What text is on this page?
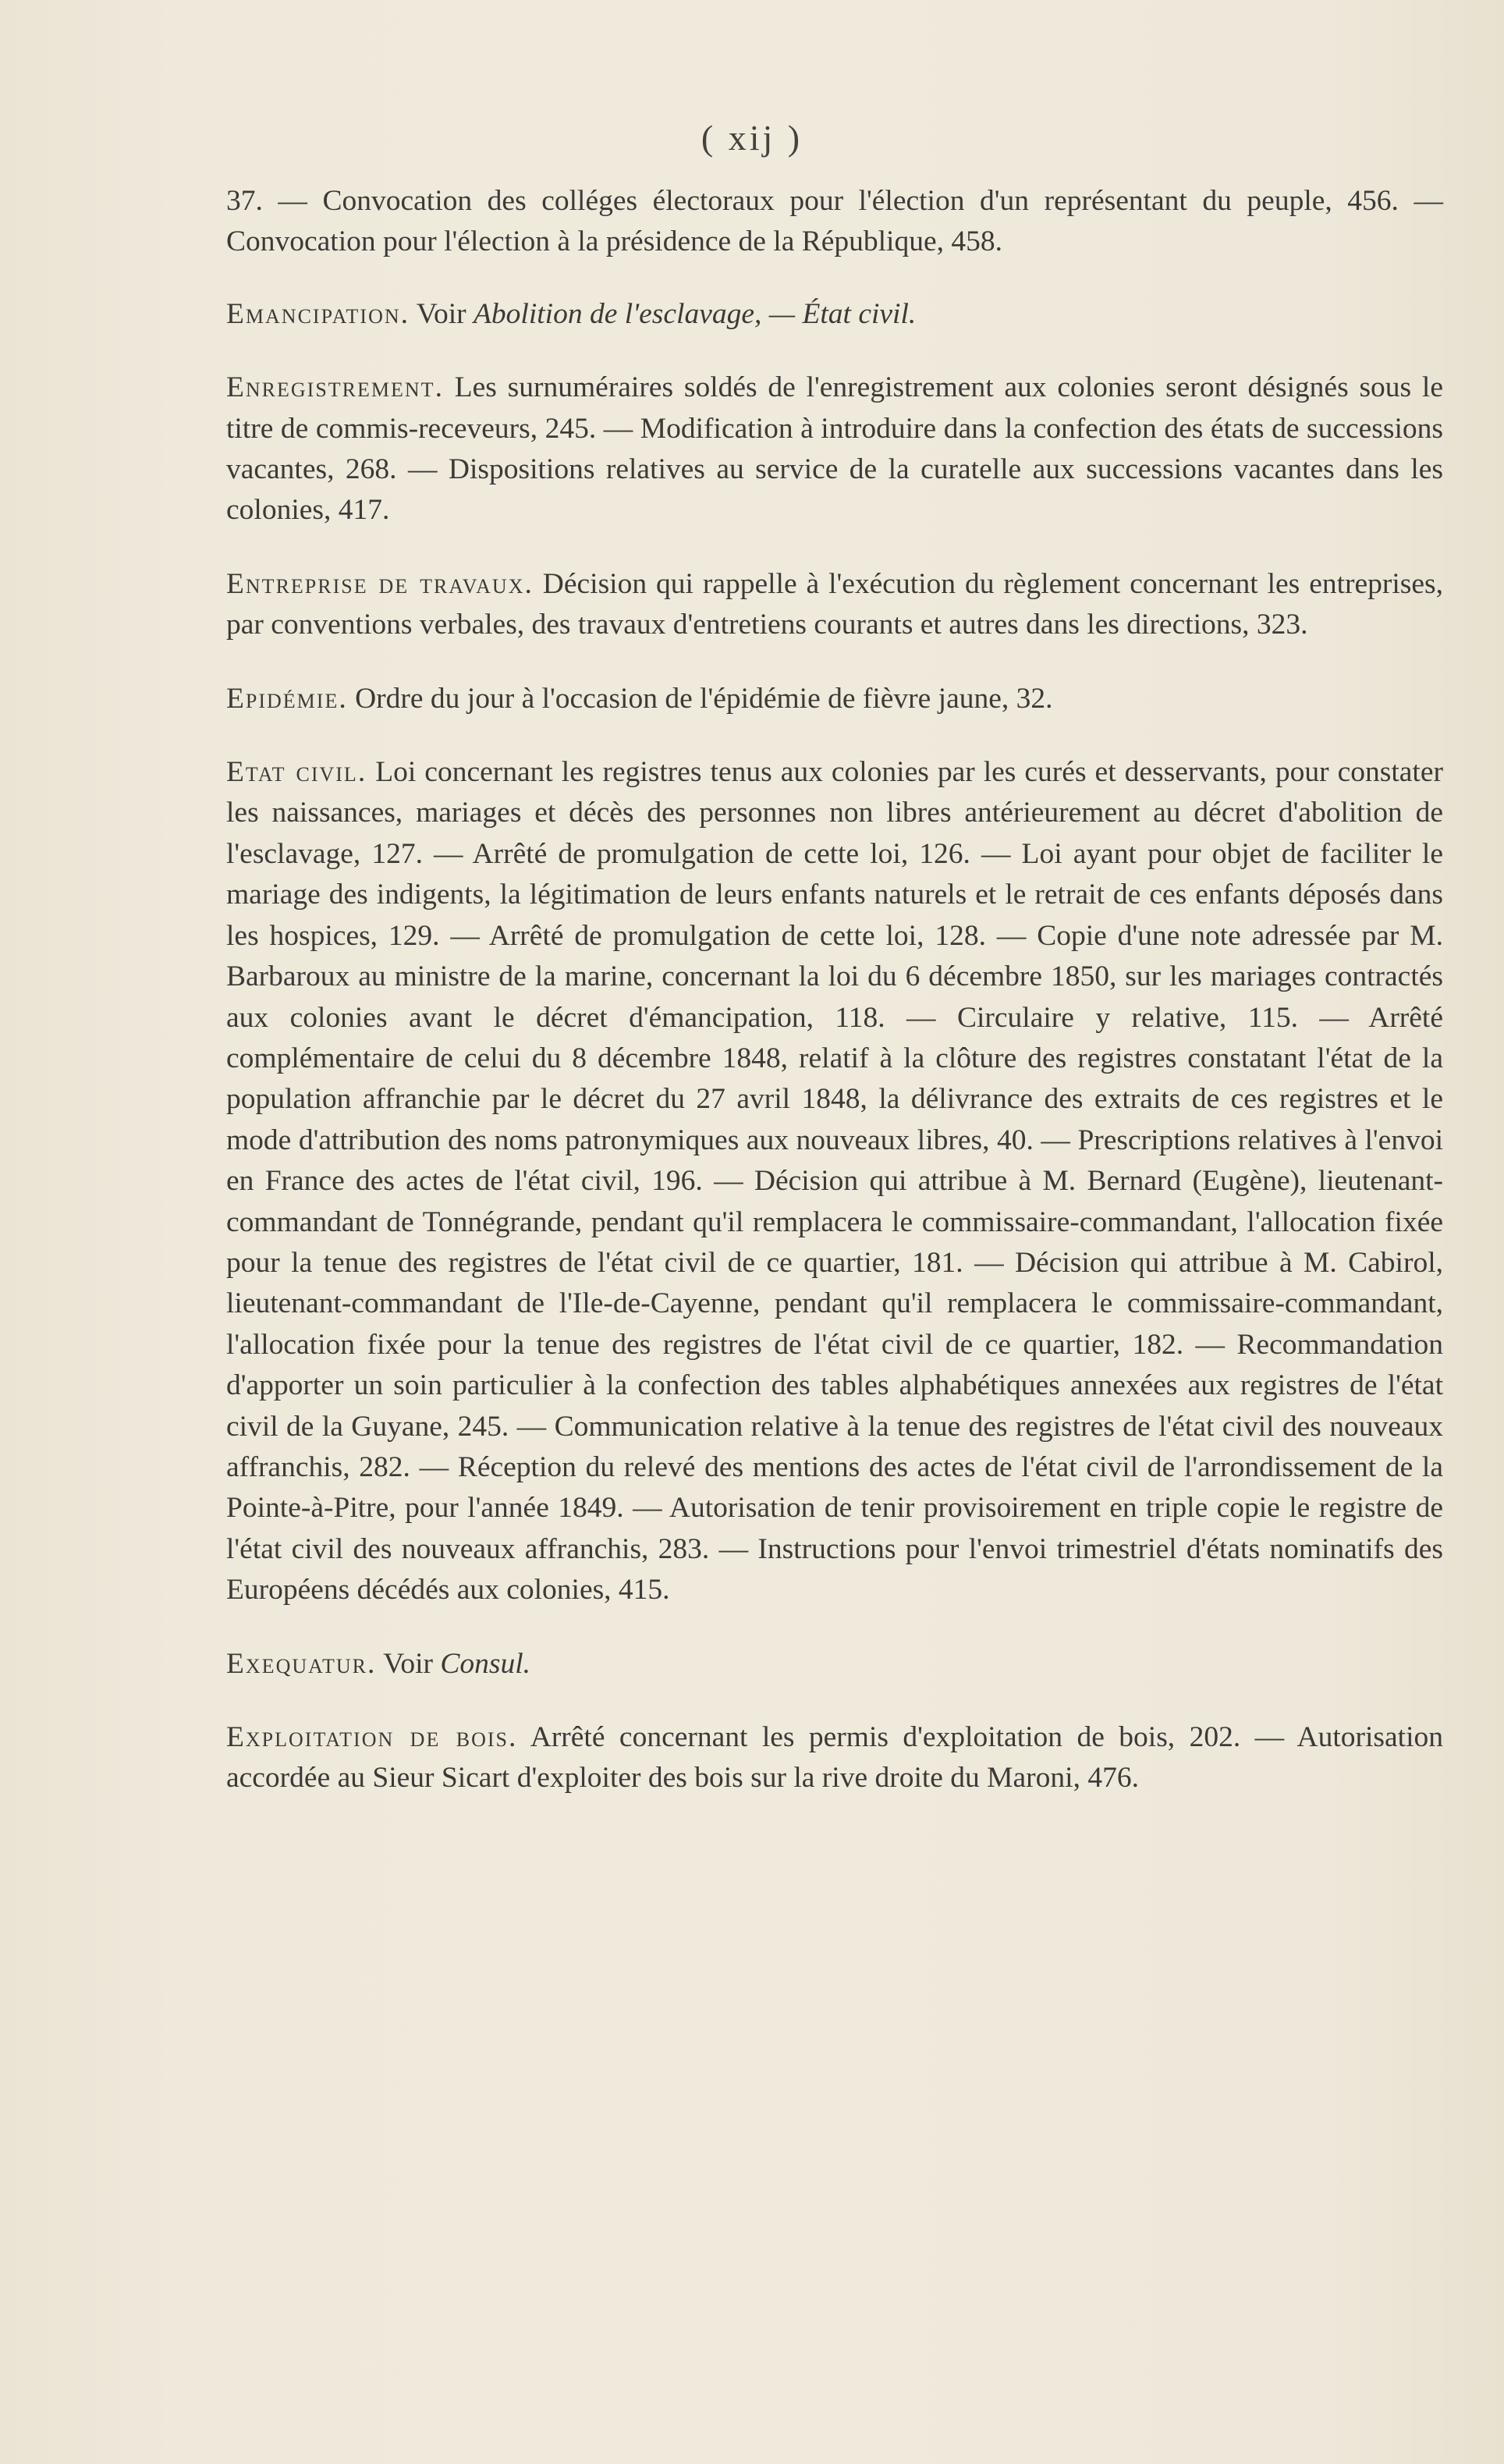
( xij )

37. — Convocation des colléges électoraux pour l'élection d'un représentant du peuple, 456. — Convocation pour l'élection à la présidence de la République, 458.

Emancipation. Voir Abolition de l'esclavage, — État civil.

Enregistrement. Les surnuméraires soldés de l'enregistrement aux colonies seront désignés sous le titre de commis-receveurs, 245. — Modification à introduire dans la confection des états de successions vacantes, 268. — Dispositions relatives au service de la curatelle aux successions vacantes dans les colonies, 417.

Entreprise de travaux. Décision qui rappelle à l'exécution du règlement concernant les entreprises, par conventions verbales, des travaux d'entretiens courants et autres dans les directions, 323.

Epidémie. Ordre du jour à l'occasion de l'épidémie de fièvre jaune, 32.

Etat civil. Loi concernant les registres tenus aux colonies par les curés et desservants, pour constater les naissances, mariages et décès des personnes non libres antérieurement au décret d'abolition de l'esclavage, 127. — Arrêté de promulgation de cette loi, 126. — Loi ayant pour objet de faciliter le mariage des indigents, la légitimation de leurs enfants naturels et le retrait de ces enfants déposés dans les hospices, 129. — Arrêté de promulgation de cette loi, 128. — Copie d'une note adressée par M. Barbaroux au ministre de la marine, concernant la loi du 6 décembre 1850, sur les mariages contractés aux colonies avant le décret d'émancipation, 118. — Circulaire y relative, 115. — Arrêté complémentaire de celui du 8 décembre 1848, relatif à la clôture des registres constatant l'état de la population affranchie par le décret du 27 avril 1848, la délivrance des extraits de ces registres et le mode d'attribution des noms patronymiques aux nouveaux libres, 40. — Prescriptions relatives à l'envoi en France des actes de l'état civil, 196. — Décision qui attribue à M. Bernard (Eugène), lieutenant-commandant de Tonnégrande, pendant qu'il remplacera le commissaire-commandant, l'allocation fixée pour la tenue des registres de l'état civil de ce quartier, 181. — Décision qui attribue à M. Cabirol, lieutenant-commandant de l'Ile-de-Cayenne, pendant qu'il remplacera le commissaire-commandant, l'allocation fixée pour la tenue des registres de l'état civil de ce quartier, 182. — Recommandation d'apporter un soin particulier à la confection des tables alphabétiques annexées aux registres de l'état civil de la Guyane, 245. — Communication relative à la tenue des registres de l'état civil des nouveaux affranchis, 282. — Réception du relevé des mentions des actes de l'état civil de l'arrondissement de la Pointe-à-Pitre, pour l'année 1849. — Autorisation de tenir provisoirement en triple copie le registre de l'état civil des nouveaux affranchis, 283. — Instructions pour l'envoi trimestriel d'états nominatifs des Européens décédés aux colonies, 415.

Exequatur. Voir Consul.

Exploitation de bois. Arrêté concernant les permis d'exploitation de bois, 202. — Autorisation accordée au Sieur Sicart d'exploiter des bois sur la rive droite du Maroni, 476.
